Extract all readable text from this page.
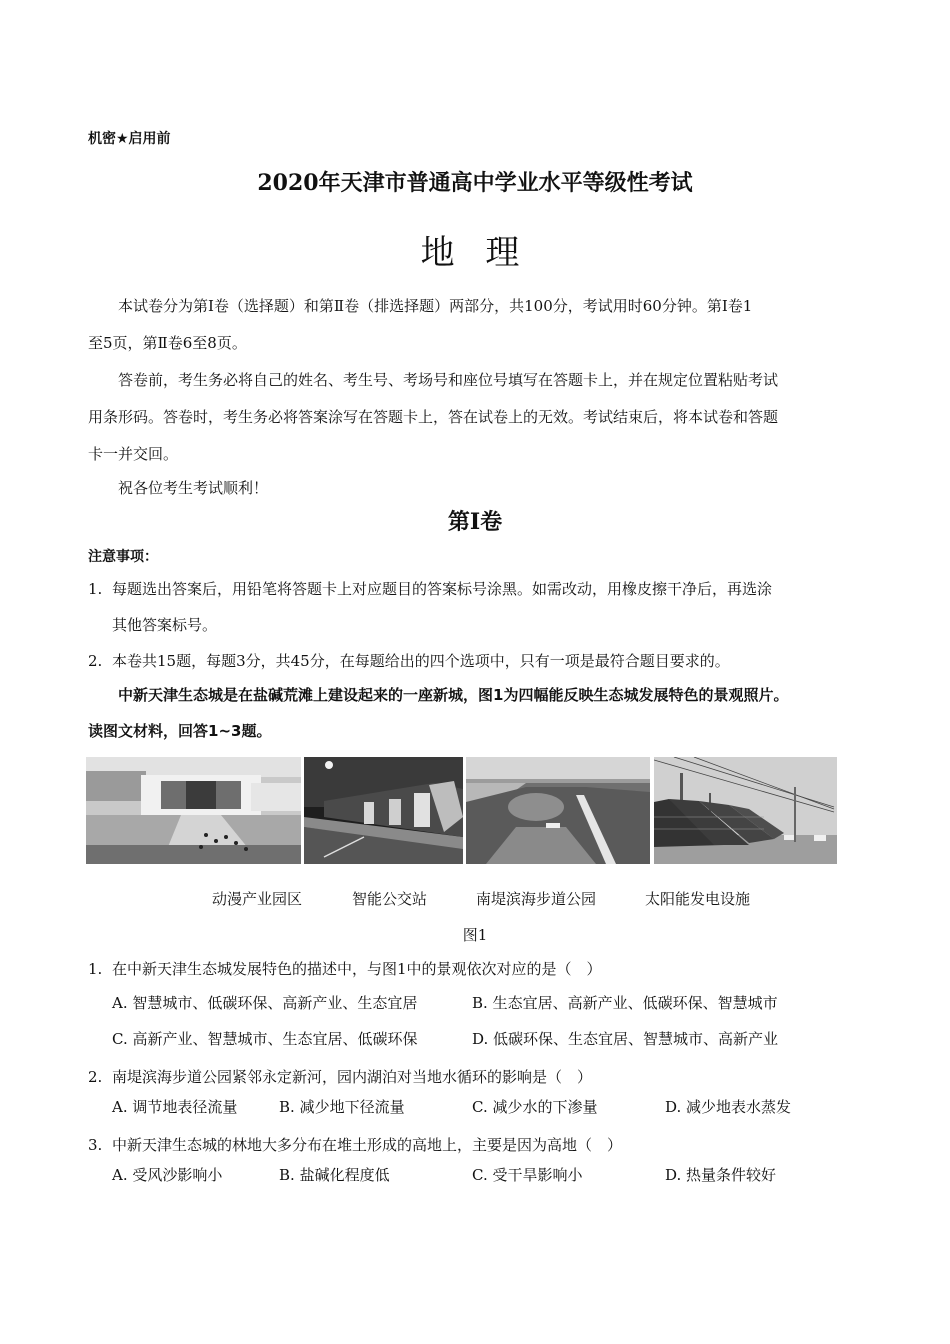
机密★启用前
2020年天津市普通高中学业水平等级性考试
地 理
本试卷分为第Ⅰ卷（选择题）和第Ⅱ卷（排选择题）两部分，共100分，考试用时60分钟。第Ⅰ卷1
至5页，第Ⅱ卷6至8页。
答卷前，考生务必将自己的姓名、考生号、考场号和座位号填写在答题卡上，并在规定位置粘贴考试
用条形码。答卷时，考生务必将答案涂写在答题卡上，答在试卷上的无效。考试结束后，将本试卷和答题
卡一并交回。
祝各位考生考试顺利！
第Ⅰ卷
注意事项：
1. 每题选出答案后，用铅笔将答题卡上对应题目的答案标号涂黑。如需改动，用橡皮擦干净后，再选涂
其他答案标号。
2. 本卷共15题，每题3分，共45分，在每题给出的四个选项中，只有一项是最符合题目要求的。
中新天津生态城是在盐碱荒滩上建设起来的一座新城，图1为四幅能反映生态城发展特色的景观照片。
读图文材料，回答1~3题。
动漫产业园区	智能公交站	南堤滨海步道公园	太阳能发电设施
图1
1. 在中新天津生态城发展特色的描述中，与图1中的景观依次对应的是（　）
A. 智慧城市、低碳环保、高新产业、生态宜居	B. 生态宜居、高新产业、低碳环保、智慧城市
C. 高新产业、智慧城市、生态宜居、低碳环保	D. 低碳环保、生态宜居、智慧城市、高新产业
2. 南堤滨海步道公园紧邻永定新河，园内湖泊对当地水循环的影响是（　）
A. 调节地表径流量	B. 减少地下径流量	C. 减少水的下渗量	D. 减少地表水蒸发
3. 中新天津生态城的林地大多分布在堆土形成的高地上，主要是因为高地（　）
A. 受风沙影响小	B. 盐碱化程度低	C. 受干旱影响小	D. 热量条件较好
